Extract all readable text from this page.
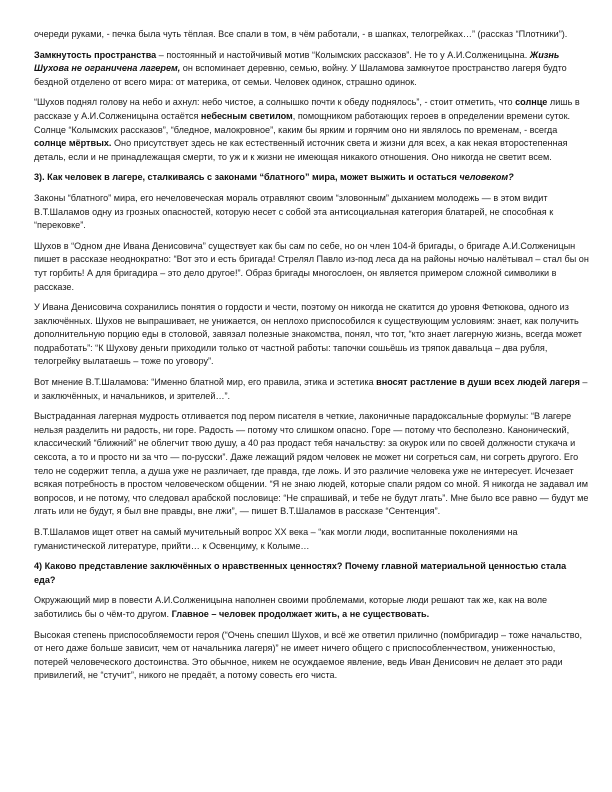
очереди руками, - печка была чуть тёплая. Все спали в том, в чём работали, - в шапках, телогрейках…” (рассказ “Плотники”).

Замкнутость пространства – постоянный и настойчивый мотив “Колымских рассказов”. Не то у А.И.Солженицына. Жизнь Шухова не ограничена лагерем, он вспоминает деревню, семью, войну. У Шаламова замкнутое пространство лагеря будто бездной отделено от всего мира: от материка, от семьи. Человек одинок, страшно одинок.

“Шухов поднял голову на небо и ахнул: небо чистое, а солнышко почти к обеду поднялось”, - стоит отметить, что солнце лишь в рассказе у А.И.Солженицына остаётся небесным светилом, помощником работающих героев в определении времени суток. Солнце “Колымских рассказов”, “бледное, малокровное”, каким бы ярким и горячим оно ни являлось по временам, - всегда солнце мёртвых. Оно присутствует здесь не как естественный источник света и жизни для всех, а как некая второстепенная деталь, если и не принадлежащая смерти, то уж и к жизни не имеющая никакого отношения. Оно никогда не светит всем.

3). Как человек в лагере, сталкиваясь с законами “блатного” мира, может выжить и остаться человеком?

Законы “блатного” мира, его нечеловеческая мораль отравляют своим “зловонным” дыханием молодежь — в этом видит В.Т.Шаламов одну из грозных опасностей, которую несет с собой эта антисоциальная категория блатарей, не способная к “перековке”.

Шухов в “Одном дне Ивана Денисовича” существует как бы сам по себе, но он член 104-й бригады, о бригаде А.И.Солженицын пишет в рассказе неоднократно: “Вот это и есть бригада! Стрелял Павло из-под леса да на районы ночью налётывал – стал бы он тут горбить! А для бригадира – это дело другое!”. Образ бригады многослоен, он является примером сложной символики в рассказе.

У Ивана Денисовича сохранились понятия о гордости и чести, поэтому он никогда не скатится до уровня Фетюкова, одного из заключённых. Шухов не выпрашивает, не унижается, он неплохо приспособился к существующим условиям: знает, как получить дополнительную порцию еды в столовой, завязал полезные знакомства, понял, что тот, “кто знает лагерную жизнь, всегда может подработать”: “К Шухову деньги приходили только от частной работы: тапочки сошьёшь из тряпок давальца – два рубля, телогрейку вылатаешь – тоже по уговору”.

Вот мнение В.Т.Шаламова: “Именно блатной мир, его правила, этика и эстетика вносят растление в души всех людей лагеря – и заключённых, и начальников, и зрителей…”.

Выстраданная лагерная мудрость отливается под пером писателя в четкие, лаконичные парадоксальные формулы: “В лагере нельзя разделить ни радость, ни горе. Радость — потому что слишком опасно. Горе — потому что бесполезно. Канонический, классический “ближний” не облегчит твою душу, а 40 раз продаст тебя начальству: за окурок или по своей должности стукача и сексота, а то и просто ни за что — по-русски”. Даже лежащий рядом человек не может ни согреться сам, ни согреть другого. Его тело не содержит тепла, а душа уже не различает, где правда, где ложь. И это различие человека уже не интересует. Исчезает всякая потребность в простом человеческом общении. “Я не знаю людей, которые спали рядом со мной. Я никогда не задавал им вопросов, и не потому, что следовал арабской пословице: “Не спрашивай, и тебе не будут лгать”. Мне было все равно — будут ме лгать или не будут, я был вне правды, вне лжи”, — пишет В.Т.Шаламов в рассказе “Сентенция”.

В.Т.Шаламов ищет ответ на самый мучительный вопрос XX века – “как могли люди, воспитанные поколениями на гуманистической литературе, прийти… к Освенциму, к Колыме…

4) Каково представление заключённых о нравственных ценностях? Почему главной материальной ценностью стала еда?

Окружающий мир в повести А.И.Солженицына наполнен своими проблемами, которые люди решают так же, как на воле заботились бы о чём-то другом. Главное – человек продолжает жить, а не существовать.

Высокая степень приспособляемости героя (“Очень спешил Шухов, и всё же ответил прилично (помбригадир – тоже начальство, от него даже больше зависит, чем от начальника лагеря)” не имеет ничего общего с приспособленчеством, униженностью, потерей человеческого достоинства. Это обычное, никем не осуждаемое явление, ведь Иван Денисович не делает это ради привилегий, не “стучит”, никого не предаёт, а потому совесть его чиста.
